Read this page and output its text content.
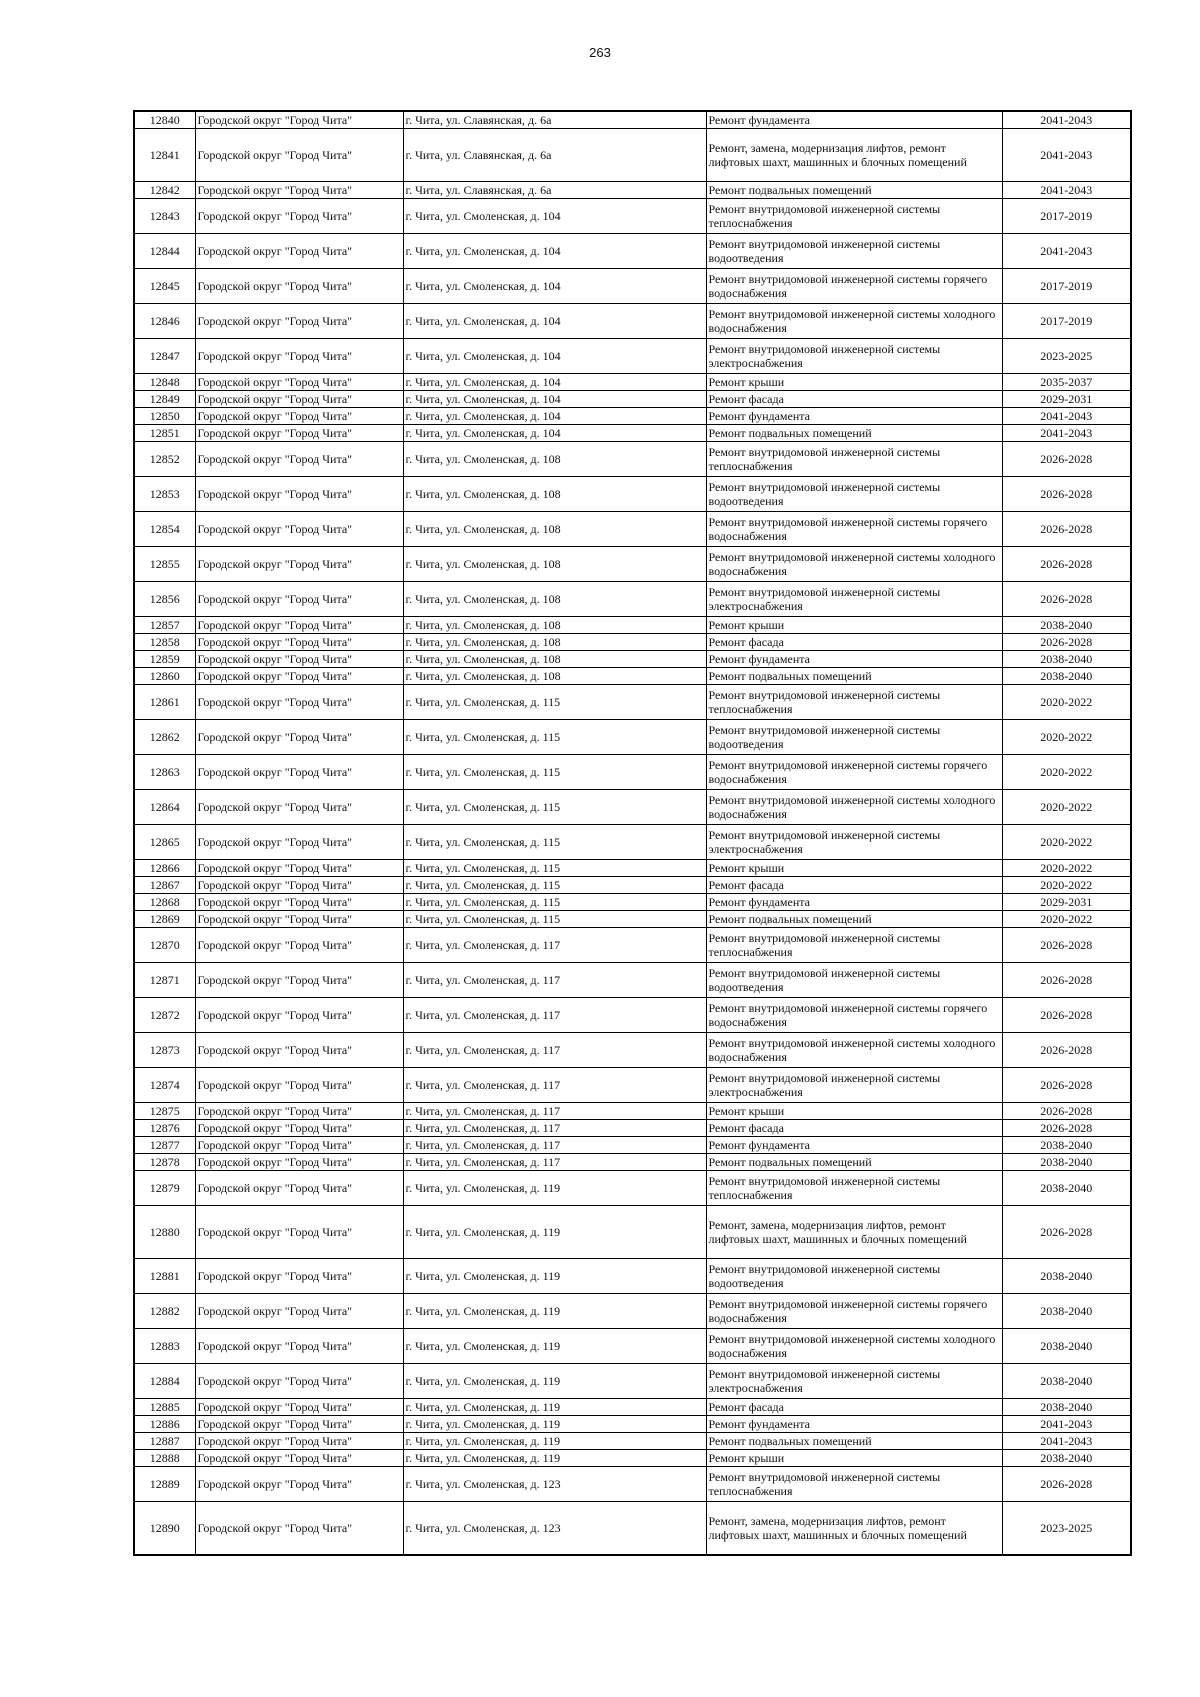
263
12840	Городской округ "Город Чита"	г. Чита, ул. Славянская, д. 6а	Ремонт фундамента	2041-2043
12841	Городской округ "Город Чита"	г. Чита, ул. Славянская, д. 6а	Ремонт, замена, модернизация лифтов, ремонт лифтовых шахт, машинных и блочных помещений	2041-2043
12842	Городской округ "Город Чита"	г. Чита, ул. Славянская, д. 6а	Ремонт подвальных помещений	2041-2043
12843	Городской округ "Город Чита"	г. Чита, ул. Смоленская, д. 104	Ремонт внутридомовой инженерной системы теплоснабжения	2017-2019
12844	Городской округ "Город Чита"	г. Чита, ул. Смоленская, д. 104	Ремонт внутридомовой инженерной системы водоотведения	2041-2043
12845	Городской округ "Город Чита"	г. Чита, ул. Смоленская, д. 104	Ремонт внутридомовой инженерной системы горячего водоснабжения	2017-2019
12846	Городской округ "Город Чита"	г. Чита, ул. Смоленская, д. 104	Ремонт внутридомовой инженерной системы холодного водоснабжения	2017-2019
12847	Городской округ "Город Чита"	г. Чита, ул. Смоленская, д. 104	Ремонт внутридомовой инженерной системы электроснабжения	2023-2025
12848	Городской округ "Город Чита"	г. Чита, ул. Смоленская, д. 104	Ремонт крыши	2035-2037
12849	Городской округ "Город Чита"	г. Чита, ул. Смоленская, д. 104	Ремонт фасада	2029-2031
12850	Городской округ "Город Чита"	г. Чита, ул. Смоленская, д. 104	Ремонт фундамента	2041-2043
12851	Городской округ "Город Чита"	г. Чита, ул. Смоленская, д. 104	Ремонт подвальных помещений	2041-2043
12852	Городской округ "Город Чита"	г. Чита, ул. Смоленская, д. 108	Ремонт внутридомовой инженерной системы теплоснабжения	2026-2028
12853	Городской округ "Город Чита"	г. Чита, ул. Смоленская, д. 108	Ремонт внутридомовой инженерной системы водоотведения	2026-2028
12854	Городской округ "Город Чита"	г. Чита, ул. Смоленская, д. 108	Ремонт внутридомовой инженерной системы горячего водоснабжения	2026-2028
12855	Городской округ "Город Чита"	г. Чита, ул. Смоленская, д. 108	Ремонт внутридомовой инженерной системы холодного водоснабжения	2026-2028
12856	Городской округ "Город Чита"	г. Чита, ул. Смоленская, д. 108	Ремонт внутридомовой инженерной системы электроснабжения	2026-2028
12857	Городской округ "Город Чита"	г. Чита, ул. Смоленская, д. 108	Ремонт крыши	2038-2040
12858	Городской округ "Город Чита"	г. Чита, ул. Смоленская, д. 108	Ремонт фасада	2026-2028
12859	Городской округ "Город Чита"	г. Чита, ул. Смоленская, д. 108	Ремонт фундамента	2038-2040
12860	Городской округ "Город Чита"	г. Чита, ул. Смоленская, д. 108	Ремонт подвальных помещений	2038-2040
12861	Городской округ "Город Чита"	г. Чита, ул. Смоленская, д. 115	Ремонт внутридомовой инженерной системы теплоснабжения	2020-2022
12862	Городской округ "Город Чита"	г. Чита, ул. Смоленская, д. 115	Ремонт внутридомовой инженерной системы водоотведения	2020-2022
12863	Городской округ "Город Чита"	г. Чита, ул. Смоленская, д. 115	Ремонт внутридомовой инженерной системы горячего водоснабжения	2020-2022
12864	Городской округ "Город Чита"	г. Чита, ул. Смоленская, д. 115	Ремонт внутридомовой инженерной системы холодного водоснабжения	2020-2022
12865	Городской округ "Город Чита"	г. Чита, ул. Смоленская, д. 115	Ремонт внутридомовой инженерной системы электроснабжения	2020-2022
12866	Городской округ "Город Чита"	г. Чита, ул. Смоленская, д. 115	Ремонт крыши	2020-2022
12867	Городской округ "Город Чита"	г. Чита, ул. Смоленская, д. 115	Ремонт фасада	2020-2022
12868	Городской округ "Город Чита"	г. Чита, ул. Смоленская, д. 115	Ремонт фундамента	2029-2031
12869	Городской округ "Город Чита"	г. Чита, ул. Смоленская, д. 115	Ремонт подвальных помещений	2020-2022
12870	Городской округ "Город Чита"	г. Чита, ул. Смоленская, д. 117	Ремонт внутридомовой инженерной системы теплоснабжения	2026-2028
12871	Городской округ "Город Чита"	г. Чита, ул. Смоленская, д. 117	Ремонт внутридомовой инженерной системы водоотведения	2026-2028
12872	Городской округ "Город Чита"	г. Чита, ул. Смоленская, д. 117	Ремонт внутридомовой инженерной системы горячего водоснабжения	2026-2028
12873	Городской округ "Город Чита"	г. Чита, ул. Смоленская, д. 117	Ремонт внутридомовой инженерной системы холодного водоснабжения	2026-2028
12874	Городской округ "Город Чита"	г. Чита, ул. Смоленская, д. 117	Ремонт внутридомовой инженерной системы электроснабжения	2026-2028
12875	Городской округ "Город Чита"	г. Чита, ул. Смоленская, д. 117	Ремонт крыши	2026-2028
12876	Городской округ "Город Чита"	г. Чита, ул. Смоленская, д. 117	Ремонт фасада	2026-2028
12877	Городской округ "Город Чита"	г. Чита, ул. Смоленская, д. 117	Ремонт фундамента	2038-2040
12878	Городской округ "Город Чита"	г. Чита, ул. Смоленская, д. 117	Ремонт подвальных помещений	2038-2040
12879	Городской округ "Город Чита"	г. Чита, ул. Смоленская, д. 119	Ремонт внутридомовой инженерной системы теплоснабжения	2038-2040
12880	Городской округ "Город Чита"	г. Чита, ул. Смоленская, д. 119	Ремонт, замена, модернизация лифтов, ремонт лифтовых шахт, машинных и блочных помещений	2026-2028
12881	Городской округ "Город Чита"	г. Чита, ул. Смоленская, д. 119	Ремонт внутридомовой инженерной системы водоотведения	2038-2040
12882	Городской округ "Город Чита"	г. Чита, ул. Смоленская, д. 119	Ремонт внутридомовой инженерной системы горячего водоснабжения	2038-2040
12883	Городской округ "Город Чита"	г. Чита, ул. Смоленская, д. 119	Ремонт внутридомовой инженерной системы холодного водоснабжения	2038-2040
12884	Городской округ "Город Чита"	г. Чита, ул. Смоленская, д. 119	Ремонт внутридомовой инженерной системы электроснабжения	2038-2040
12885	Городской округ "Город Чита"	г. Чита, ул. Смоленская, д. 119	Ремонт фасада	2038-2040
12886	Городской округ "Город Чита"	г. Чита, ул. Смоленская, д. 119	Ремонт фундамента	2041-2043
12887	Городской округ "Город Чита"	г. Чита, ул. Смоленская, д. 119	Ремонт подвальных помещений	2041-2043
12888	Городской округ "Город Чита"	г. Чита, ул. Смоленская, д. 119	Ремонт крыши	2038-2040
12889	Городской округ "Город Чита"	г. Чита, ул. Смоленская, д. 123	Ремонт внутридомовой инженерной системы теплоснабжения	2026-2028
12890	Городской округ "Город Чита"	г. Чита, ул. Смоленская, д. 123	Ремонт, замена, модернизация лифтов, ремонт лифтовых шахт, машинных и блочных помещений	2023-2025
